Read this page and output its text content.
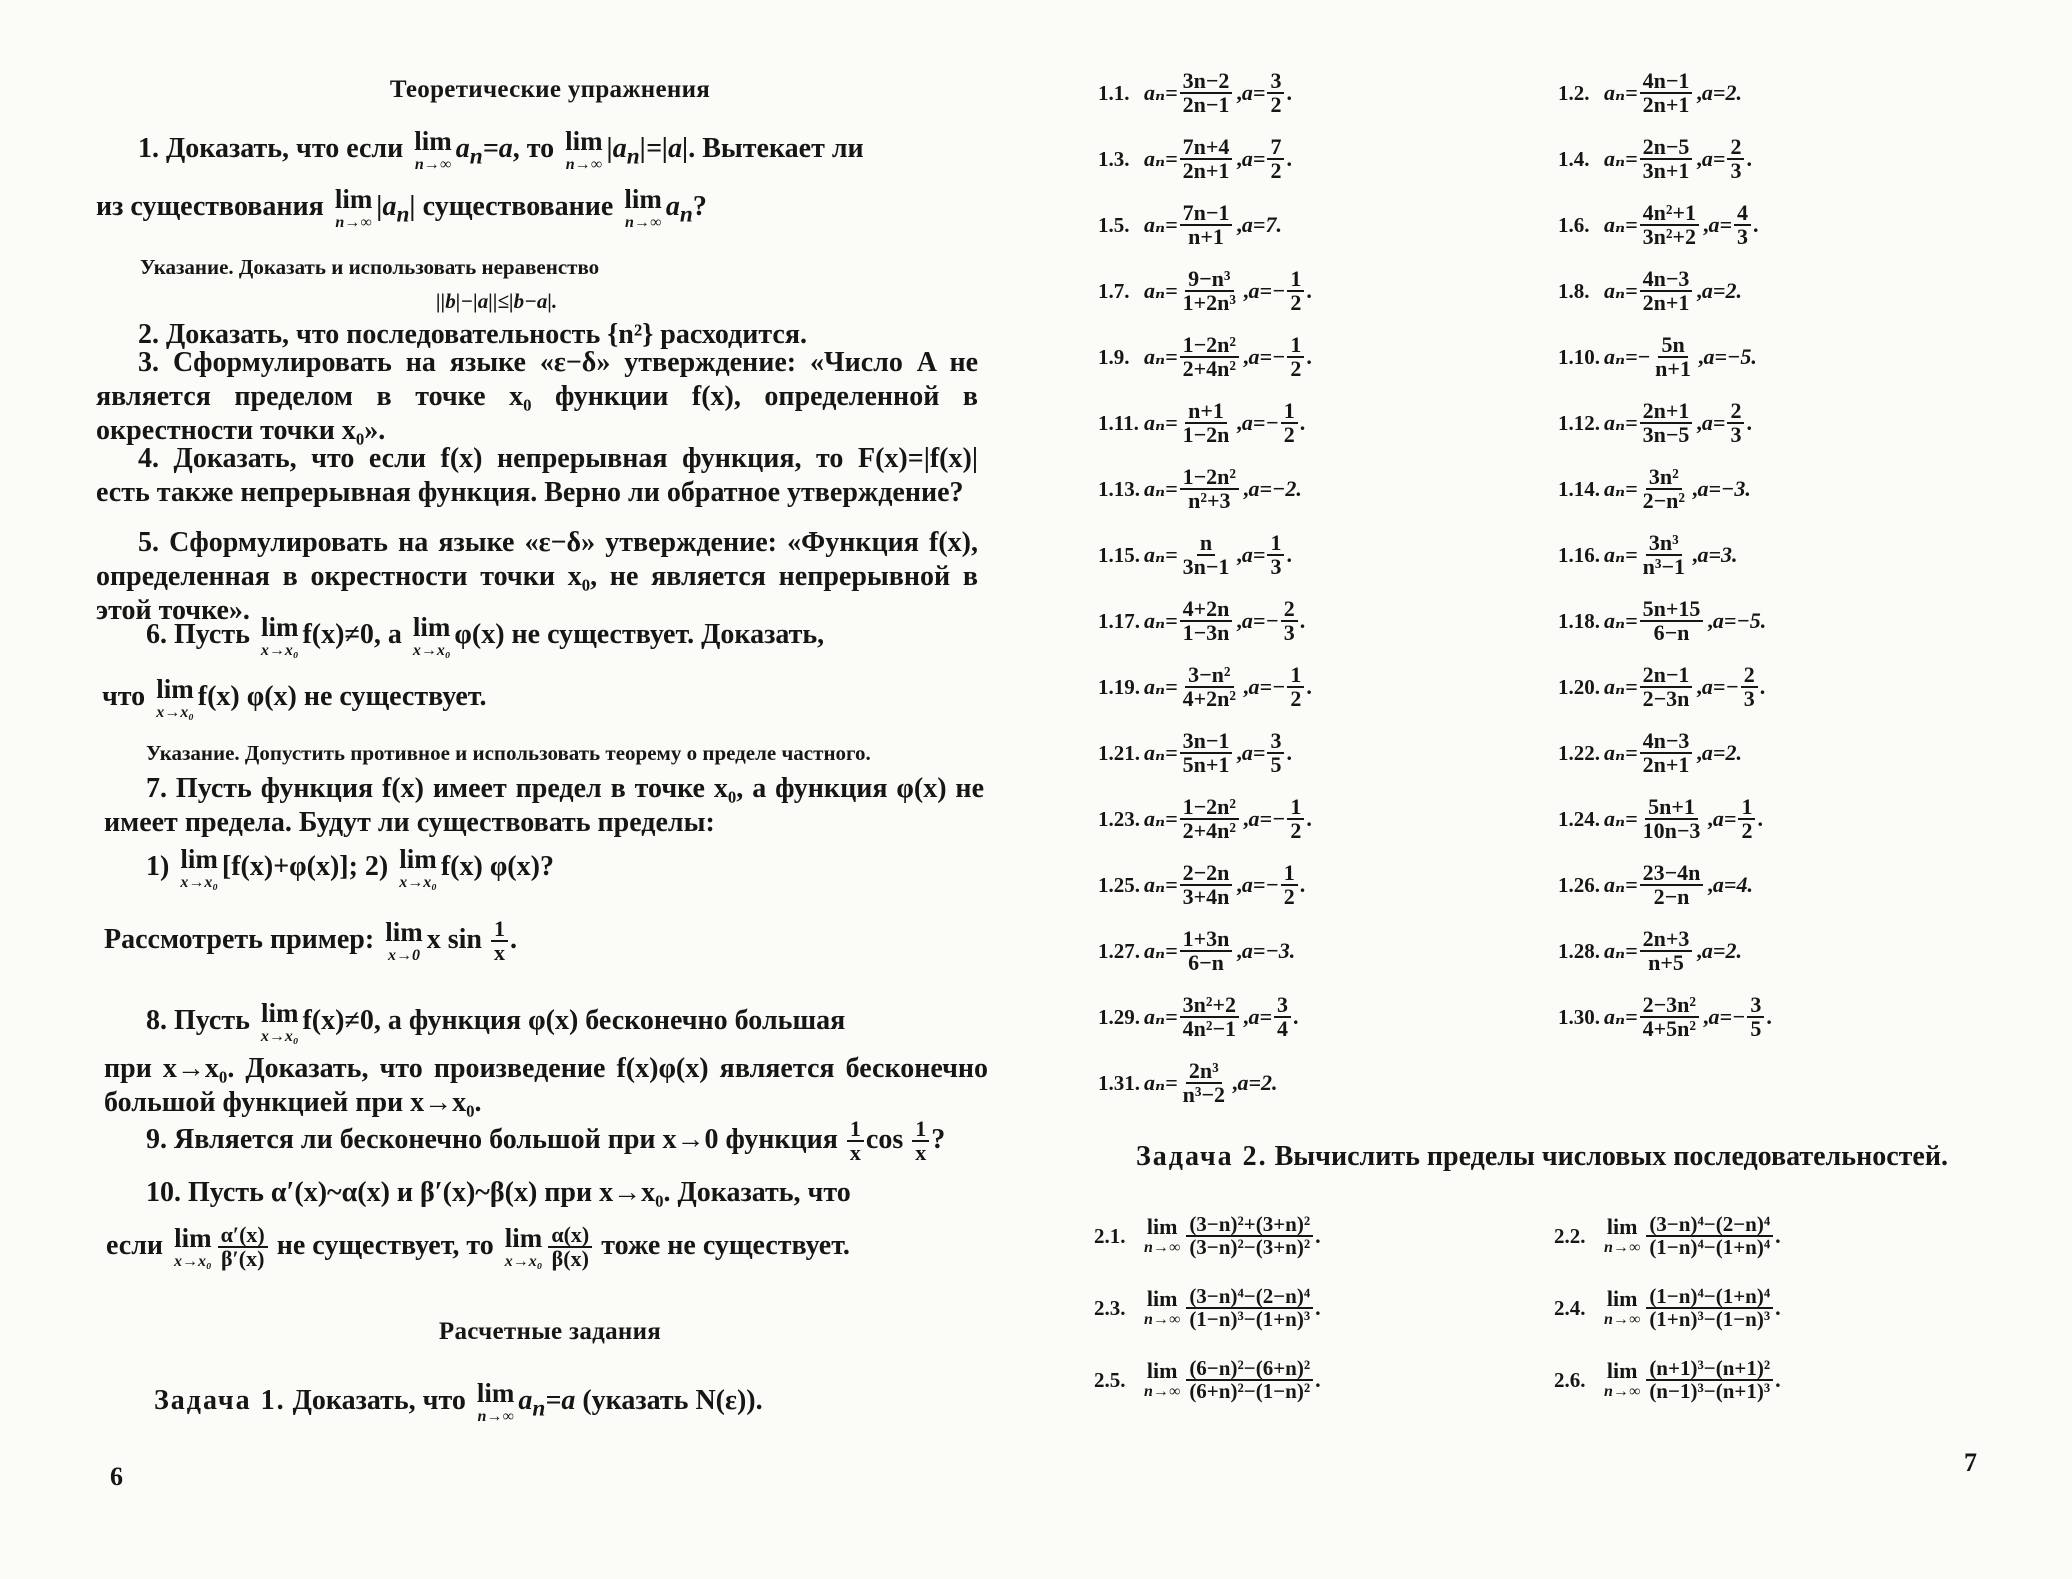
Теоретические упражнения
1. Доказать, что если lim
n→∞
$a_n=a$, то lim
n→∞
$|a_n|=|a|$. Вытекает ли
из существования lim
n→∞
$|a_n|$ существование lim
n→∞
$a_n$?
Указание. Доказать и использовать неравенство
||b|−|a||≤|b−a|.
2. Доказать, что последовательность {n²} расходится.
3. Сформулировать на языке «ε−δ» утверждение: «Число A не является пределом в точке x₀ функции f(x), определенной в окрестности точки x₀».
4. Доказать, что если f(x) непрерывная функция, то F(x)=|f(x)| есть также непрерывная функция. Верно ли обратное утверждение?
5. Сформулировать на языке «ε−δ» утверждение: «Функция f(x), определенная в окрестности точки x₀, не является непрерывной в этой точке».
6. Пусть lim
x→x₀
f(x)≠0, а lim
x→x₀
φ(x) не существует. Доказать,
что lim
x→x₀
f(x) φ(x) не существует.
Указание. Допустить противное и использовать теорему о пределе частного.
7. Пусть функция f(x) имеет предел в точке x₀, а функция φ(x) не имеет предела. Будут ли существовать пределы:
1) lim
x→x₀
[f(x)+φ(x)]; 2) lim
x→x₀
f(x) φ(x)?
Рассмотреть пример: lim
x→0
x $\sin \frac{1}{x}$ .
8. Пусть lim
x→x₀
f(x)≠0, а функция φ(x) бесконечно большая
при x→x₀. Доказать, что произведение f(x)φ(x) является бесконечно большой функцией при x→x₀.
9. Является ли бесконечно большой при x→0 функция $\frac{1}{x}$ $\cos \frac{1}{x}$ ?
10. Пусть α′(x)~α(x) и β′(x)~β(x) при x→x₀. Доказать, что
если lim
$x\to x_0 \frac{\alpha'(x)}{\beta'(x)}$ не существует, то lim
$x\to x_0 \frac{\alpha(x)}{\beta(x)}$ тоже не существует.
Расчетные задания
Задача 1. Доказать, что lim
n→∞
$a_n=a$ (указать N(ε)).
6
1.1. $a_n= \frac{3n-2}{2n-1}$ , $a= \frac{3}{2}$ .	1.2. $a_n= \frac{4n-1}{2n+1}$ , a=2.
1.3. $a_n= \frac{7n+4}{2n+1}$ , $a= \frac{7}{2}$ .	1.4. $a_n= \frac{2n-5}{3n+1}$ , $a= \frac{2}{3}$ .
1.5. $a_n= \frac{7n-1}{n+1}$ , a=7.	1.6. $a_n= \frac{\text{4n²+1}}{\text{3n²+2}}$ , $a= \frac{4}{3}$ .
1.7. $a_n= \frac{\text{9−n³}}{\text{1+2n³}}$ , $a=- \frac{1}{2}$ .	1.8. $a_n= \frac{4n-3}{2n+1}$ , a=2.
1.9. $a_n= \frac{\text{1−2n²}}{\text{2+4n²}}$ , $a=- \frac{1}{2}$ .	1.10. $a_n= - \frac{5n}{n+1}$ , a=−5.
1.11. $a_n= \frac{n+1}{1-2n}$ , $a=- \frac{1}{2}$ .	1.12. $a_n= \frac{2n+1}{3n-5}$ , $a= \frac{2}{3}$ .
1.13. $a_n= \frac{\text{1−2n²}}{\text{n²+3}}$ , a=−2.	1.14. $a_n= \frac{\text{3n²}}{\text{2−n²}}$ , a=−3.
1.15. $a_n= \frac{n}{3n-1}$ , $a= \frac{1}{3}$ .	1.16. $a_n= \frac{\text{3n³}}{\text{n³−1}}$ , a=3.
1.17. $a_n= \frac{4+2n}{1-3n}$ , $a=- \frac{2}{3}$ .	1.18. $a_n= \frac{5n+15}{6-n}$ , a=−5.
1.19. $a_n= \frac{\text{3−n²}}{\text{4+2n²}}$ , $a=- \frac{1}{2}$ .	1.20. $a_n= \frac{2n-1}{2-3n}$ , $a=- \frac{2}{3}$ .
1.21. $a_n= \frac{3n-1}{5n+1}$ , $a= \frac{3}{5}$ .	1.22. $a_n= \frac{4n-3}{2n+1}$ , a=2.
1.23. $a_n= \frac{\text{1−2n²}}{\text{2+4n²}}$ , $a=- \frac{1}{2}$ .	1.24. $a_n= \frac{5n+1}{10n-3}$ , $a= \frac{1}{2}$ .
1.25. $a_n= \frac{2-2n}{3+4n}$ , $a=- \frac{1}{2}$ .	1.26. $a_n= \frac{23-4n}{2-n}$ , a=4.
1.27. $a_n= \frac{1+3n}{6-n}$ , a=−3.	1.28. $a_n= \frac{2n+3}{n+5}$ , a=2.
1.29. $a_n= \frac{\text{3n²+2}}{\text{4n²−1}}$ , $a= \frac{3}{4}$ .	1.30. $a_n= \frac{\text{2−3n²}}{\text{4+5n²}}$ , $a=- \frac{3}{5}$ .
1.31. $a_n= \frac{\text{2n³}}{\text{n³−2}}$ , a=2.
Задача 2. Вычислить пределы числовых последовательностей.
2.1. lim
$n\to\infty \frac{\text{(3−n)²+(3+n)²}}{\text{(3−n)²−(3+n)²}}$ .	2.2. lim
$n\to\infty \frac{\text{(3−n)⁴−(2−n)⁴}}{\text{(1−n)⁴−(1+n)⁴}}$ .
2.3. lim
$n\to\infty \frac{\text{(3−n)⁴−(2−n)⁴}}{\text{(1−n)³−(1+n)³}}$ .	2.4. lim
$n\to\infty \frac{\text{(1−n)⁴−(1+n)⁴}}{\text{(1+n)³−(1−n)³}}$ .
2.5. lim
$n\to\infty \frac{\text{(6−n)²−(6+n)²}}{\text{(6+n)²−(1−n)²}}$ .	2.6. lim
$n\to\infty \frac{\text{(n+1)³−(n+1)²}}{\text{(n−1)³−(n+1)³}}$ .
7
